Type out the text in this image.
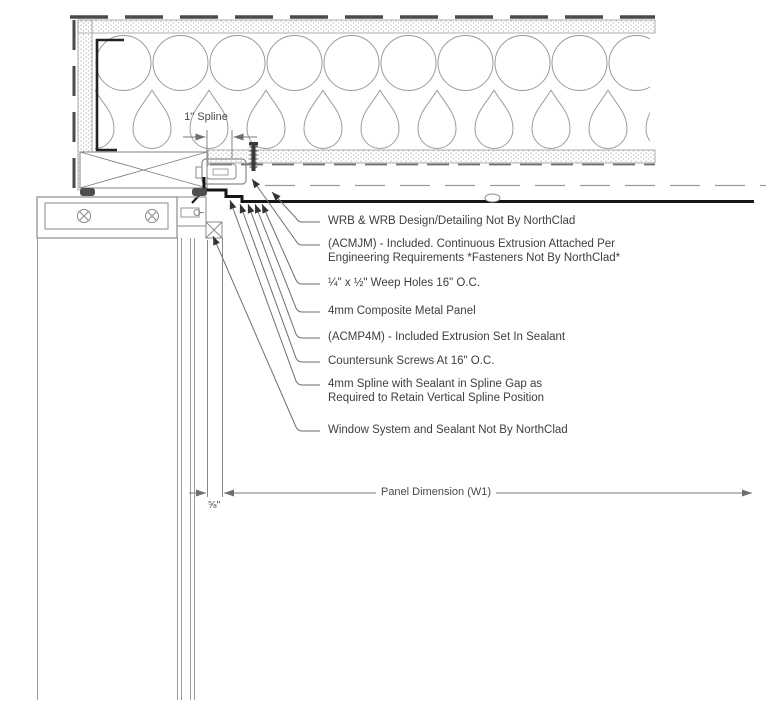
1" Spline
⅝"
Panel Dimension (W1)
WRB & WRB Design/Detailing Not By NorthClad
(ACMJM) - Included. Continuous Extrusion Attached Per
Engineering Requirements *Fasteners Not By NorthClad*
¼" x ½" Weep Holes 16" O.C.
4mm Composite Metal Panel
(ACMP4M) - Included Extrusion Set In Sealant
Countersunk Screws At 16" O.C.
4mm Spline with Sealant in Spline Gap as
Required to Retain Vertical Spline Position
Window System and Sealant Not By NorthClad
